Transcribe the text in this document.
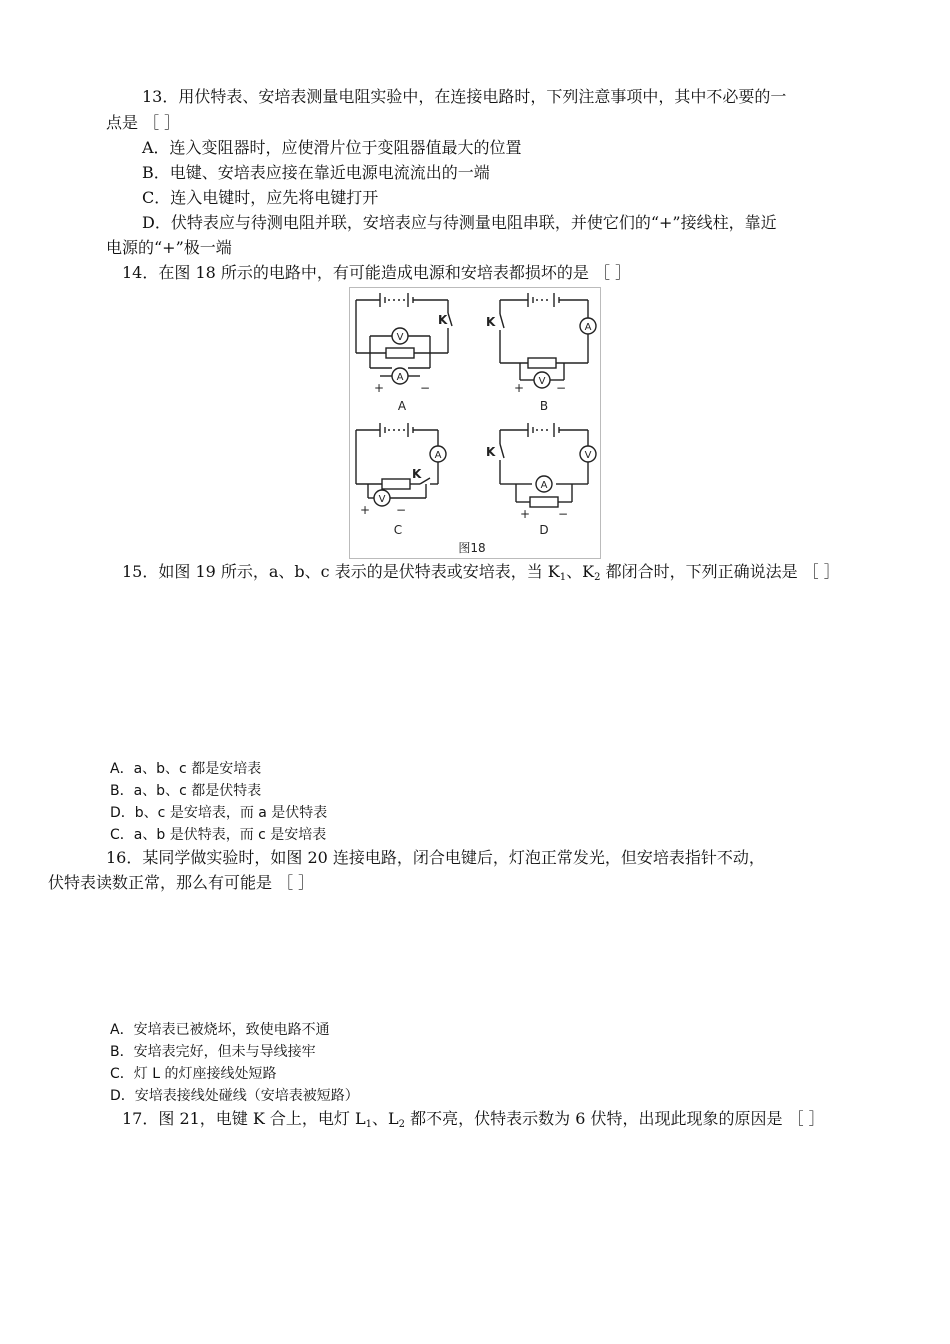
13．用伏特表、安培表测量电阻实验中，在连接电路时，下列注意事项中，其中不必要的一
点是 ［ ］
A．连入变阻器时，应使滑片位于变阻器值最大的位置
B．电键、安培表应接在靠近电源电流流出的一端
C．连入电键时，应先将电键打开
D．伏特表应与待测电阻并联，安培表应与待测量电阻串联，并使它们的“+”接线柱，靠近
电源的“+”极一端
14．在图 18 所示的电路中，有可能造成电源和安培表都损坏的是 ［ ］
V
A
A
V
A
V
V
A
K	K
K
K
+	−	+	−
+ −	+ −
A	B
C	D
图18
15．如图 19 所示，a、b、c 表示的是伏特表或安培表，当 $K_1$、$K_2$ 都闭合时，下列正确说法是 ［ ］
A．a、b、c 都是安培表
B．a、b、c 都是伏特表
D．b、c 是安培表，而 a 是伏特表
C．a、b 是伏特表，而 c 是安培表
16．某同学做实验时，如图 20 连接电路，闭合电键后，灯泡正常发光，但安培表指针不动，
伏特表读数正常，那么有可能是 ［ ］
A．安培表已被烧坏，致使电路不通
B．安培表完好，但未与导线接牢
C．灯 L 的灯座接线处短路
D．安培表接线处碰线（安培表被短路）
17．图 21，电键 K 合上，电灯 $L_1$、$L_2$ 都不亮，伏特表示数为 6 伏特，出现此现象的原因是 ［ ］
